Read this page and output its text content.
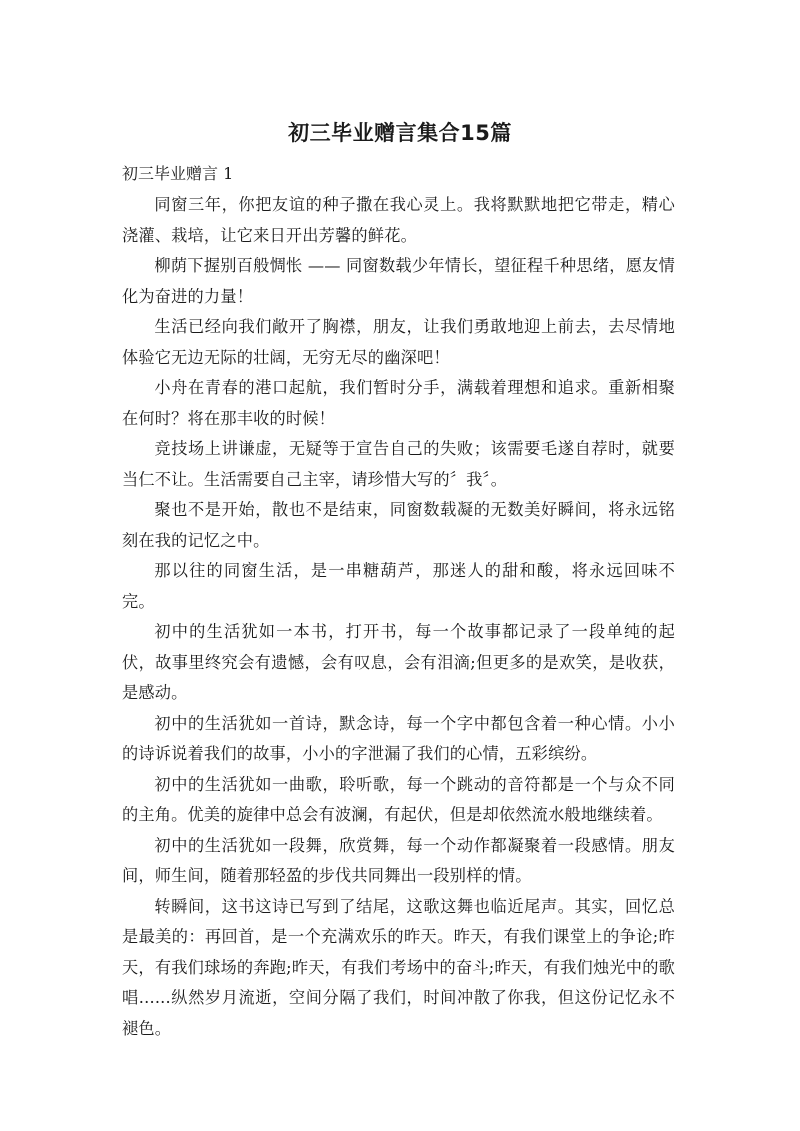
初三毕业赠言集合15篇
初三毕业赠言 1

同窗三年，你把友谊的种子撒在我心灵上。我将默默地把它带走，精心浇灌、栽培，让它来日开出芳馨的鲜花。

柳荫下握别百般惆怅 —— 同窗数载少年情长，望征程千种思绪，愿友情化为奋进的力量！

生活已经向我们敞开了胸襟，朋友，让我们勇敢地迎上前去，去尽情地体验它无边无际的壮阔，无穷无尽的幽深吧！

小舟在青春的港口起航，我们暂时分手，满载着理想和追求。重新相聚在何时？将在那丰收的时候！

竞技场上讲谦虚，无疑等于宣告自己的失败；该需要毛遂自荐时，就要当仁不让。生活需要自己主宰，请珍惜大写的〞我〞。

聚也不是开始，散也不是结束，同窗数载凝的无数美好瞬间，将永远铭刻在我的记忆之中。

那以往的同窗生活，是一串糖葫芦，那迷人的甜和酸，将永远回味不完。

初中的生活犹如一本书，打开书，每一个故事都记录了一段单纯的起伏，故事里终究会有遗憾，会有叹息，会有泪滴;但更多的是欢笑，是收获，是感动。

初中的生活犹如一首诗，默念诗，每一个字中都包含着一种心情。小小的诗诉说着我们的故事，小小的字泄漏了我们的心情，五彩缤纷。

初中的生活犹如一曲歌，聆听歌，每一个跳动的音符都是一个与众不同的主角。优美的旋律中总会有波澜，有起伏，但是却依然流水般地继续着。

初中的生活犹如一段舞，欣赏舞，每一个动作都凝聚着一段感情。朋友间，师生间，随着那轻盈的步伐共同舞出一段别样的情。

转瞬间，这书这诗已写到了结尾，这歌这舞也临近尾声。其实，回忆总是最美的：再回首，是一个充满欢乐的昨天。昨天，有我们课堂上的争论;昨天，有我们球场的奔跑;昨天，有我们考场中的奋斗;昨天，有我们烛光中的歌唱......纵然岁月流逝，空间分隔了我们，时间冲散了你我，但这份记忆永不褪色。
